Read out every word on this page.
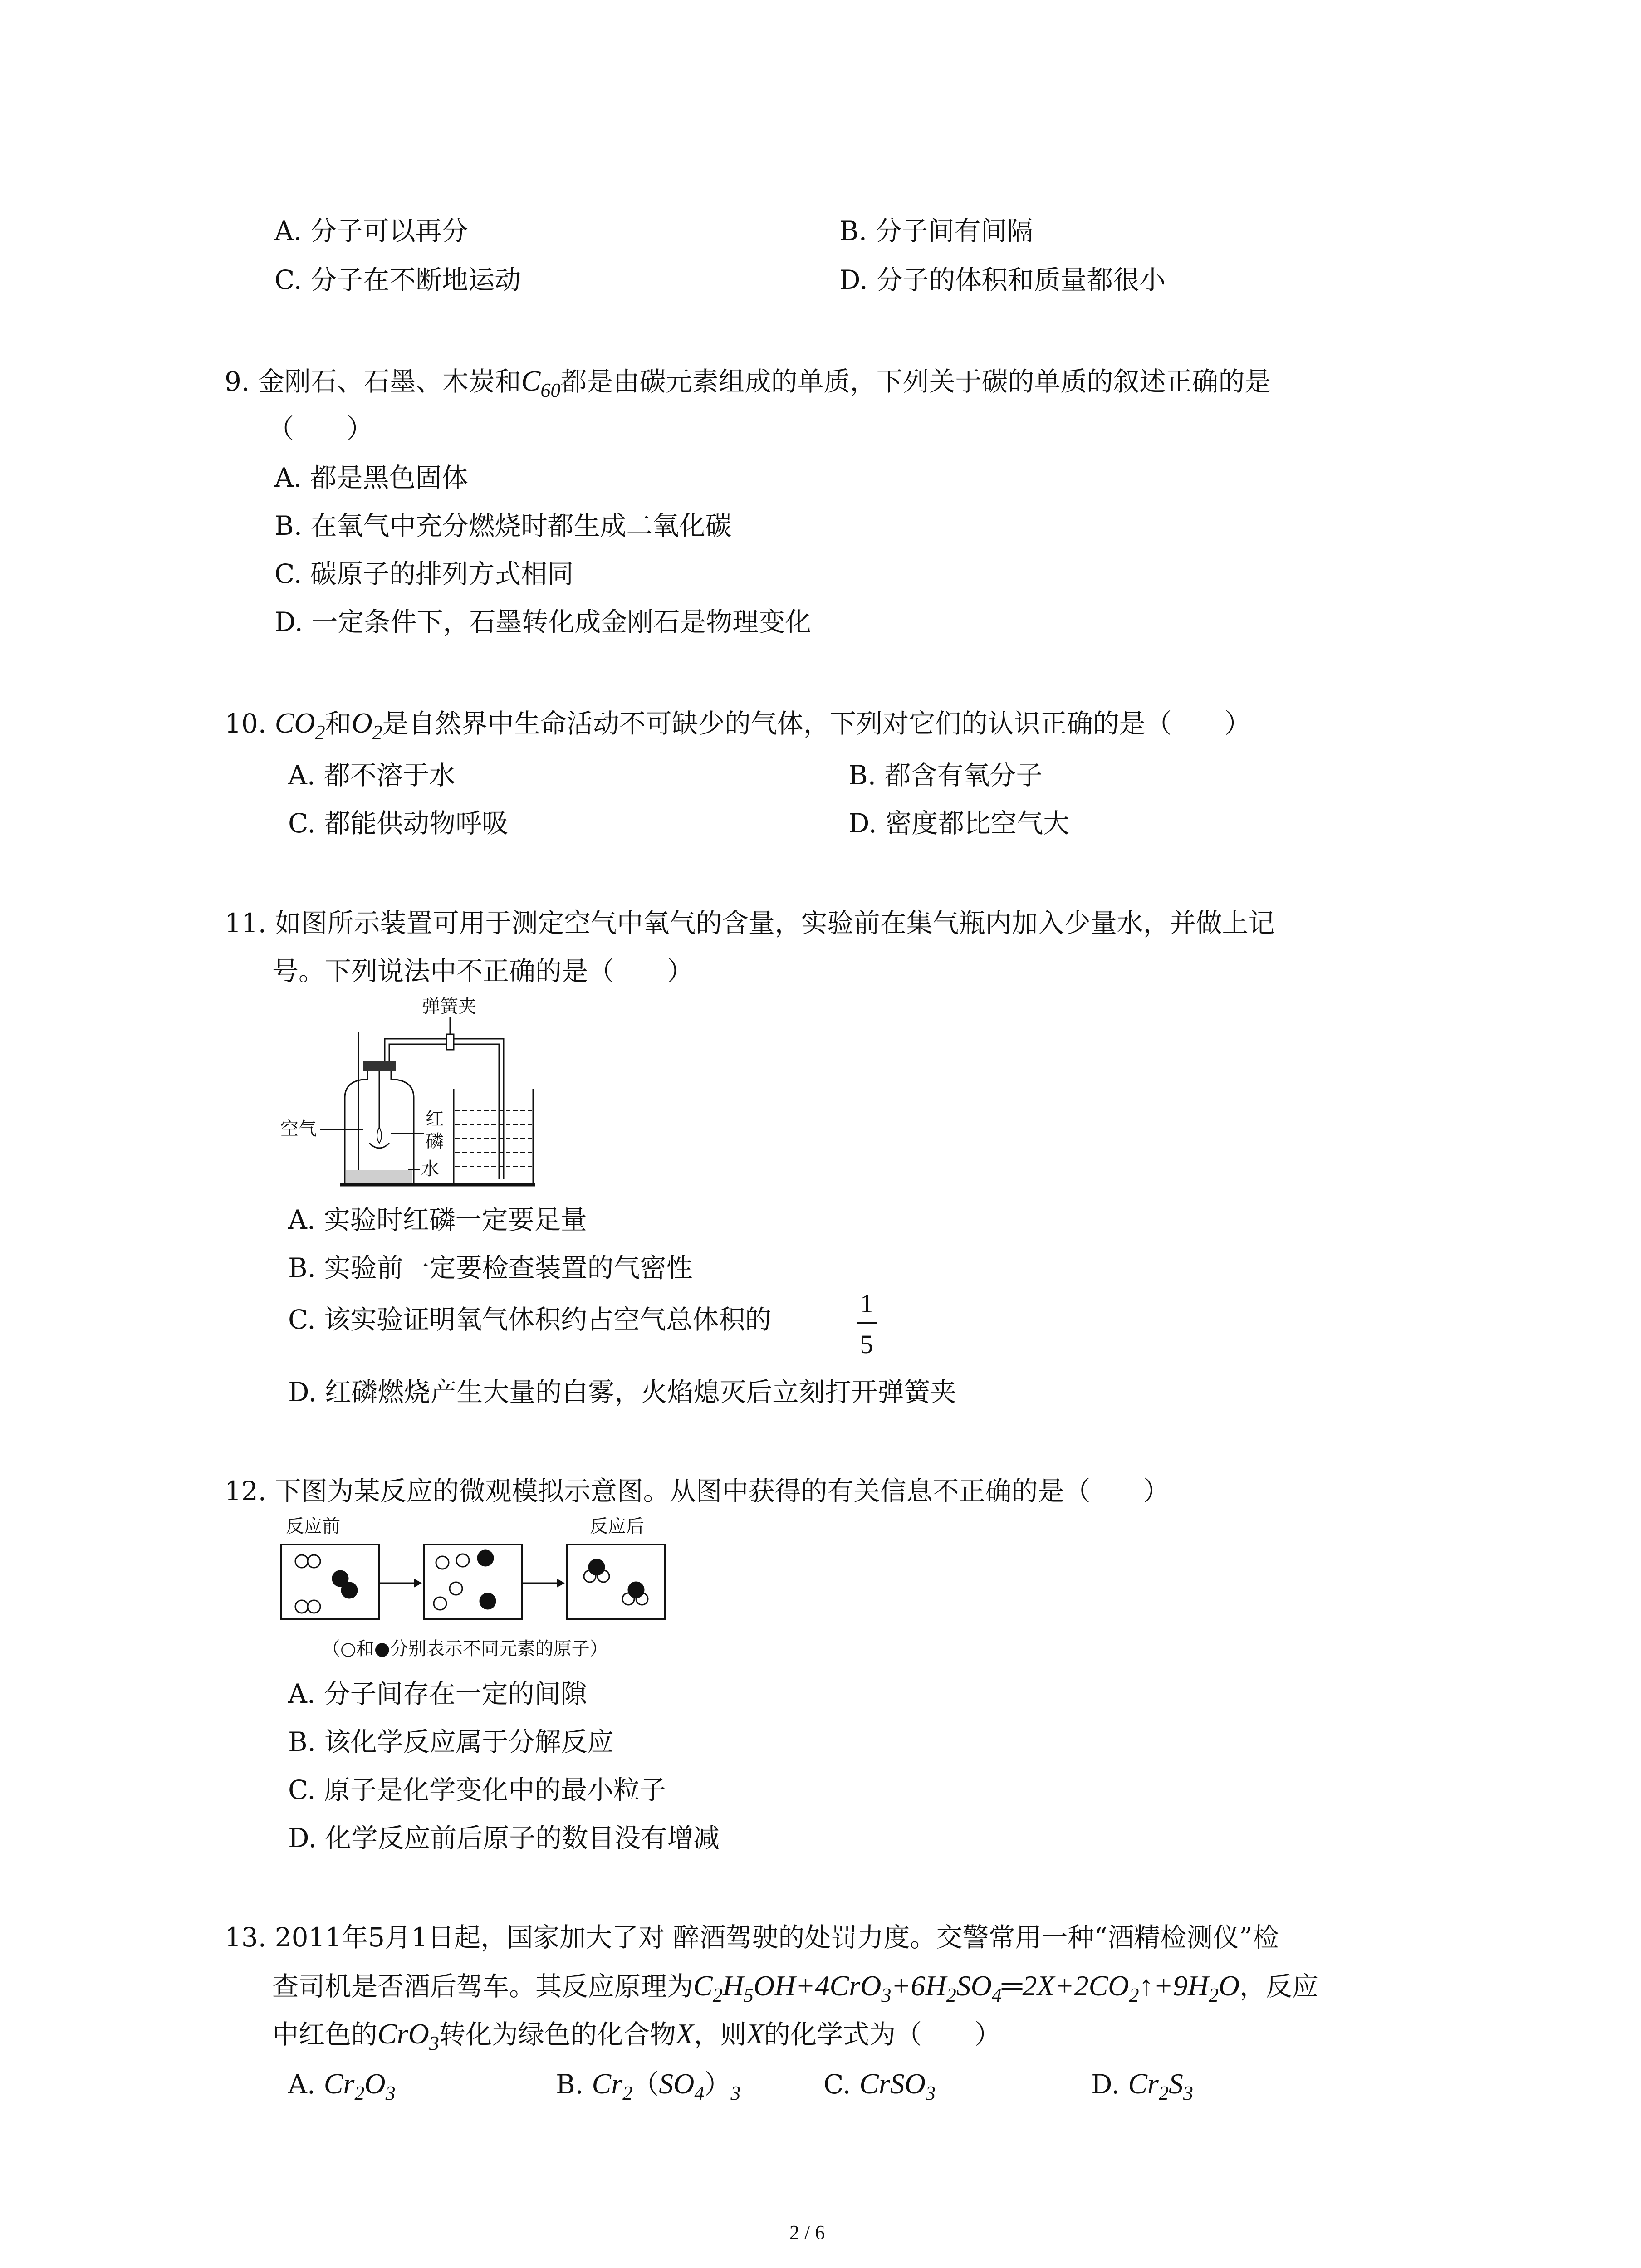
A. 分子可以再分	B. 分子间有间隔
C. 分子在不断地运动	D. 分子的体积和质量都很小
9. 金刚石、石墨、木炭和$C_{60}$都是由碳元素组成的单质，下列关于碳的单质的叙述正确的是
（　　）
A. 都是黑色固体
B. 在氧气中充分燃烧时都生成二氧化碳
C. 碳原子的排列方式相同
D. 一定条件下，石墨转化成金刚石是物理变化
10. $CO_2$和$O_2$是自然界中生命活动不可缺少的气体，下列对它们的认识正确的是（　　）
A. 都不溶于水	B. 都含有氧分子
C. 都能供动物呼吸	D. 密度都比空气大
11. 如图所示装置可用于测定空气中氧气的含量，实验前在集气瓶内加入少量水，并做上记
号。下列说法中不正确的是（　　）
弹簧夹
空气	红
磷
水
A. 实验时红磷一定要足量
B. 实验前一定要检查装置的气密性
C. 该实验证明氧气体积约占空气总体积的
1
5
D. 红磷燃烧产生大量的白雾，火焰熄灭后立刻打开弹簧夹
12. 下图为某反应的微观模拟示意图。从图中获得的有关信息不正确的是（　　）
反应前	反应后
（○和●分别表示不同元素的原子）
A. 分子间存在一定的间隙
B. 该化学反应属于分解反应
C. 原子是化学变化中的最小粒子
D. 化学反应前后原子的数目没有增减
13. 2011年5月1日起，国家加大了对 醉酒驾驶的处罚力度。交警常用一种“酒精检测仪”检
查司机是否酒后驾车。其反应原理为$C_2H_5OH+4CrO_3+6H_2SO_4═2X+2CO_2↑+9H_2O$，反应
中红色的CrO$_3$转化为绿色的化合物X，则X的化学式为（　　）
A. $Cr_2O_3$	B. $Cr_2(SO_4)_3$	C. CrSO$_3$	D. $Cr_2S_3$
2 / 6
